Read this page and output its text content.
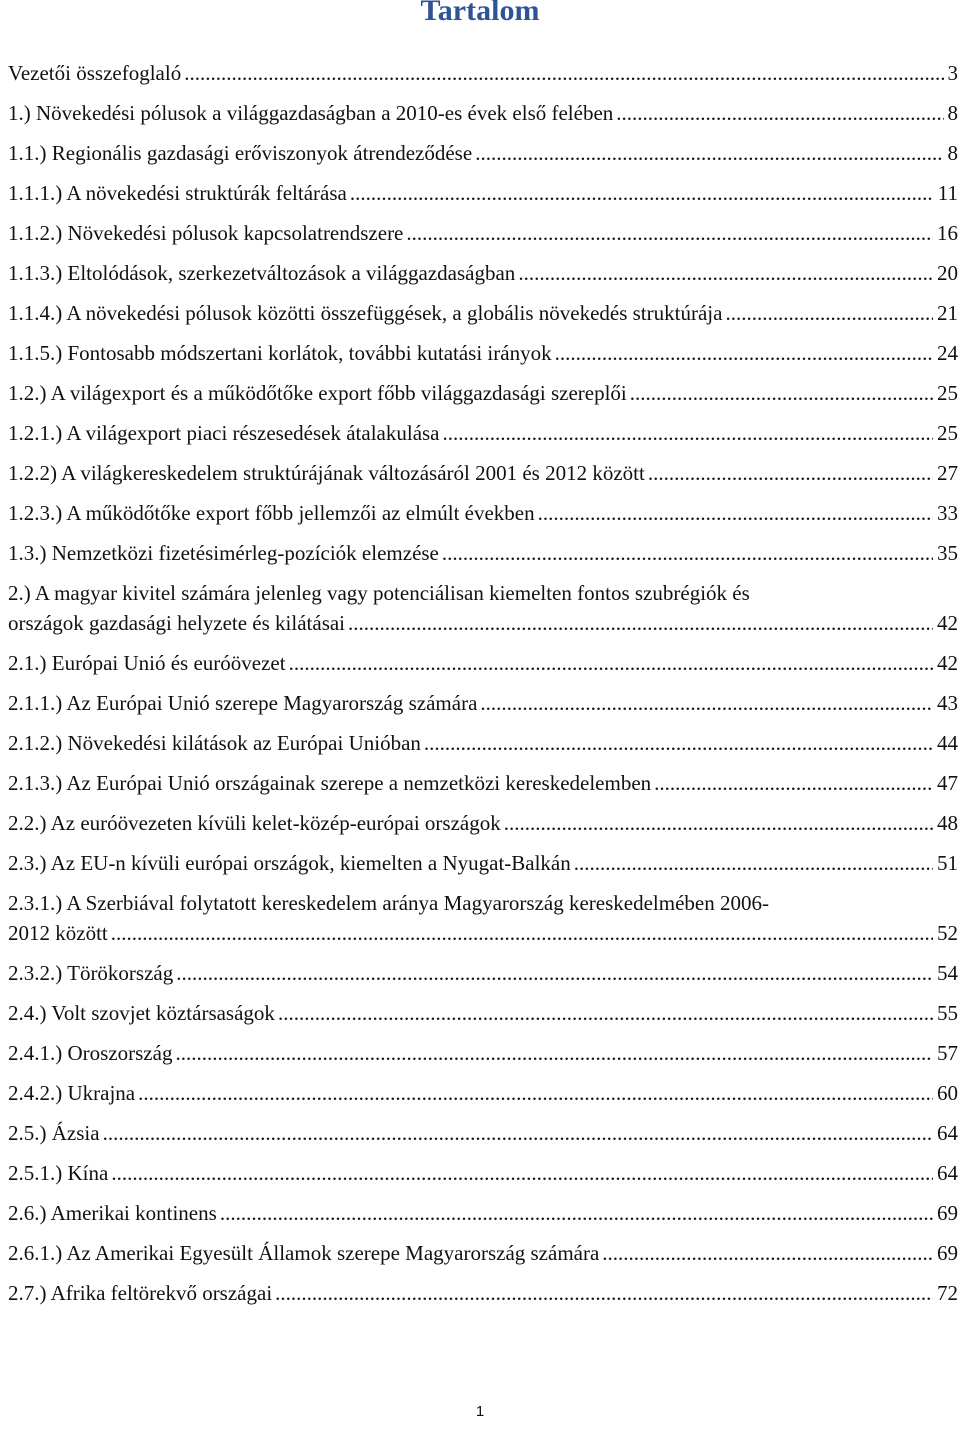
Tartalom
Vezetői összefoglaló .....	3
1.) Növekedési pólusok a világgazdaságban a 2010-es évek első felében .....	8
1.1.) Regionális gazdasági erőviszonyok átrendeződése .....	8
1.1.1.) A növekedési struktúrák feltárása .....	11
1.1.2.) Növekedési pólusok kapcsolatrendszere .....	16
1.1.3.) Eltolódások, szerkezetváltozások a világgazdaságban .....	20
1.1.4.) A növekedési pólusok közötti összefüggések, a globális növekedés struktúrája .....	21
1.1.5.) Fontosabb módszertani korlátok, további kutatási irányok .....	24
1.2.) A világexport és a működőtőke export főbb világgazdasági szereplői .....	25
1.2.1.) A világexport piaci részesedések átalakulása .....	25
1.2.2) A világkereskedelem struktúrájának változásáról 2001 és 2012 között .....	27
1.2.3.) A működőtőke export főbb jellemzői az elmúlt években .....	33
1.3.) Nemzetközi fizetésimérleg-pozíciók elemzése .....	35
2.) A magyar kivitel számára jelenleg vagy potenciálisan kiemelten fontos szubrégiók és
országok gazdasági helyzete és kilátásai .....	42
2.1.) Európai Unió és euróövezet .....	42
2.1.1.) Az Európai Unió szerepe Magyarország számára .....	43
2.1.2.) Növekedési kilátások az Európai Unióban .....	44
2.1.3.) Az Európai Unió országainak szerepe a nemzetközi kereskedelemben .....	47
2.2.) Az euróövezeten kívüli kelet-közép-európai országok .....	48
2.3.) Az EU-n kívüli európai országok, kiemelten a Nyugat-Balkán .....	51
2.3.1.) A Szerbiával folytatott kereskedelem aránya Magyarország kereskedelmében 2006-
2012 között .....	52
2.3.2.) Törökország .....	54
2.4.) Volt szovjet köztársaságok .....	55
2.4.1.) Oroszország .....	57
2.4.2.) Ukrajna .....	60
2.5.) Ázsia .....	64
2.5.1.) Kína .....	64
2.6.) Amerikai kontinens .....	69
2.6.1.) Az Amerikai Egyesült Államok szerepe Magyarország számára .....	69
2.7.) Afrika feltörekvő országai .....	72
1
